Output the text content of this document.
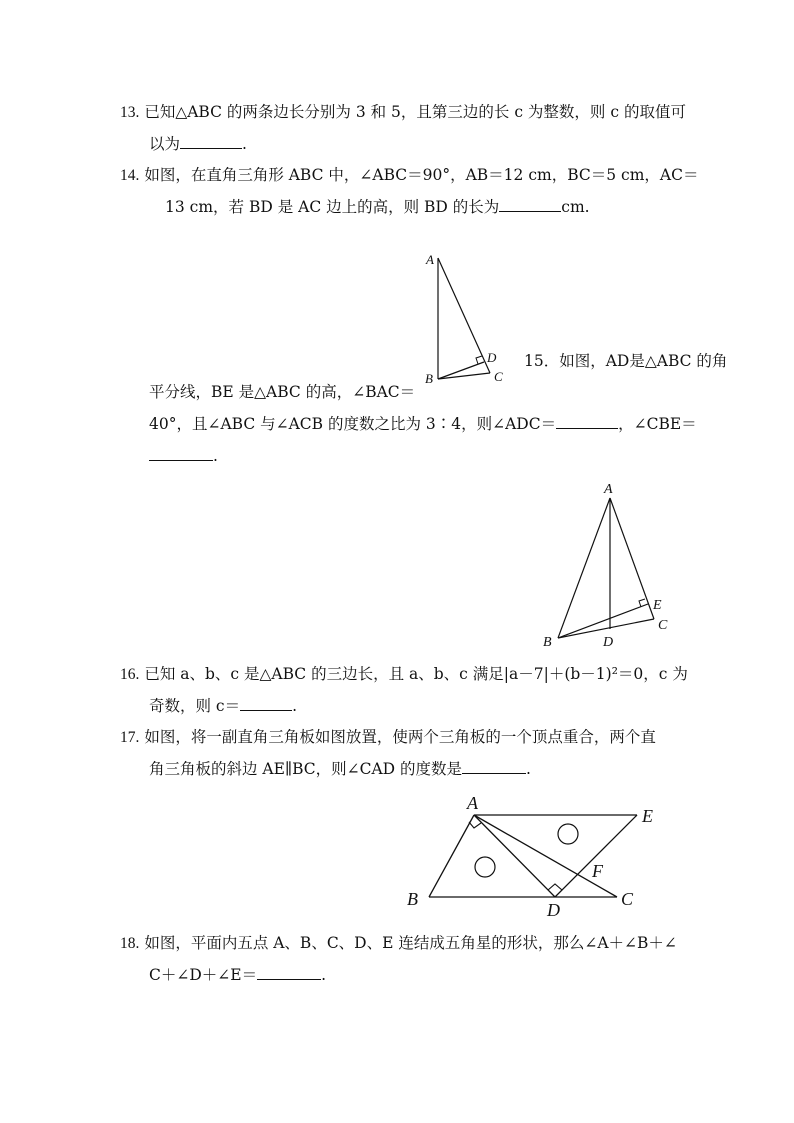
13. 已知△ABC 的两条边长分别为 3 和 5，且第三边的长 c 为整数，则 c 的取值可
以为	.
14. 如图，在直角三角形 ABC 中，∠ABC＝90°，AB＝12 cm，BC＝5 cm，AC＝
13 cm，若 BD 是 AC 边上的高，则 BD 的长为	cm.
A
B	C
D 15．如图，AD是△ABC 的角
平分线，BE 是△ABC 的高，∠BAC＝
40°，且∠ABC 与∠ACB 的度数之比为 3∶4，则∠ADC＝	，∠CBE＝
.
A
B
C
D
E
16. 已知 a、b、c 是△ABC 的三边长，且 a、b、c 满足|a－7|＋(b－1)²＝0，c 为
奇数，则 c＝	.
17. 如图，将一副直角三角板如图放置，使两个三角板的一个顶点重合，两个直
角三角板的斜边 AE∥BC，则∠CAD 的度数是	.
A
B	C
D
E
F
18. 如图，平面内五点 A、B、C、D、E 连结成五角星的形状，那么∠A＋∠B＋∠
C＋∠D＋∠E＝	.
